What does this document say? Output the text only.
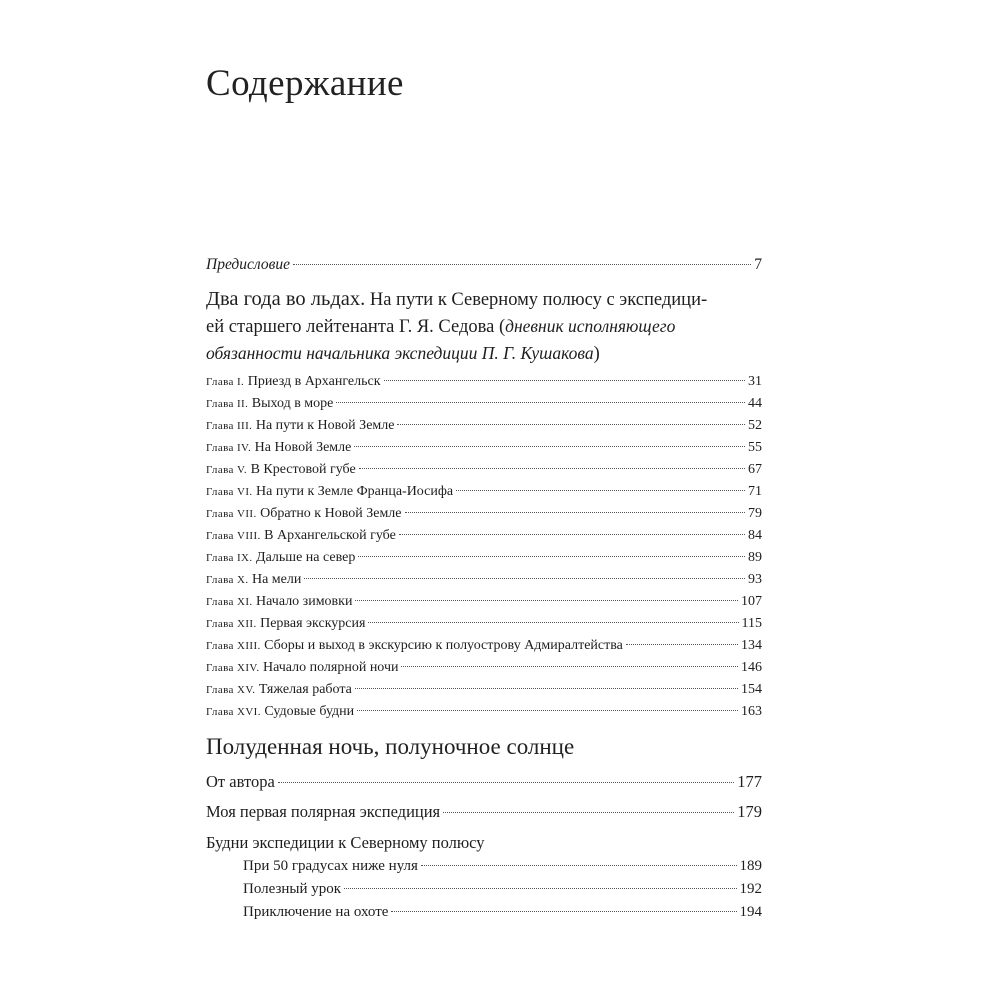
Содержание
Предисловие	7
Два года во льдах. На пути к Северному полюсу с экспедици-
ей старшего лейтенанта Г. Я. Седова (дневник исполняющего
обязанности начальника экспедиции П. Г. Кушакова)
Глава I. Приезд в Архангельск	31
Глава II. Выход в море	44
Глава III. На пути к Новой Земле	52
Глава IV. На Новой Земле	55
Глава V. В Крестовой губе	67
Глава VI. На пути к Земле Франца-Иосифа	71
Глава VII. Обратно к Новой Земле	79
Глава VIII. В Архангельской губе	84
Глава IX. Дальше на север	89
Глава X. На мели	93
Глава XI. Начало зимовки	107
Глава XII. Первая экскурсия	115
Глава XIII. Сборы и выход в экскурсию к полуострову Адмиралтейства	134
Глава XIV. Начало полярной ночи	146
Глава XV. Тяжелая работа	154
Глава XVI. Судовые будни	163
Полуденная ночь, полуночное солнце
От автора	177
Моя первая полярная экспедиция	179
Будни экспедиции к Северному полюсу
При 50 градусах ниже нуля	189
Полезный урок	192
Приключение на охоте	194
